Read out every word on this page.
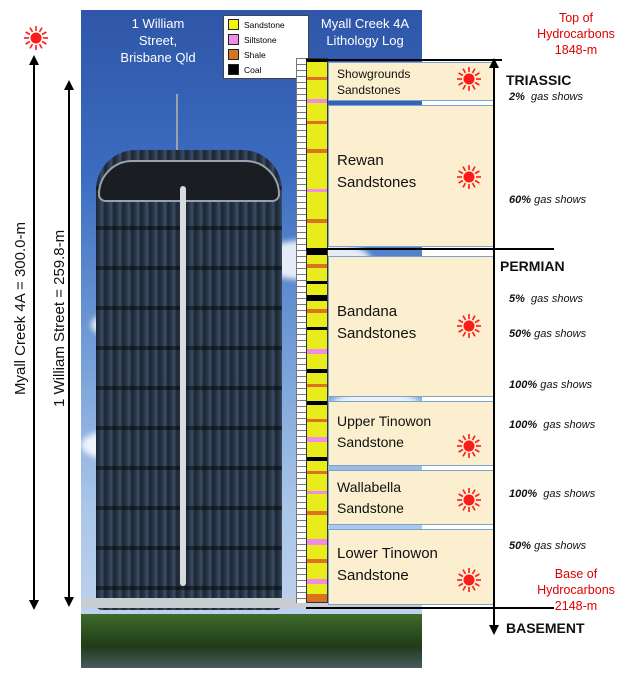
1 William
Street,
Brisbane Qld
Myall Creek 4A
Lithology Log
Sandstone
Siltstone
Shale
Coal	Showgrounds
Sandstones
Rewan
Sandstones
Bandana
Sandstones
Upper Tinowon
Sandstone
Wallabella
Sandstone
Lower Tinowon
Sandstone
TRIASSIC
PERMIAN
BASEMENT
2% gas shows
60% gas shows
5% gas shows
50% gas shows
100% gas shows
100% gas shows
100% gas shows
50% gas shows
Top of
Hydrocarbons
1848-m
Base of
Hydrocarbons
2148-m
Myall Creek 4A = 300.0-m 1 William Street = 259.8-m
